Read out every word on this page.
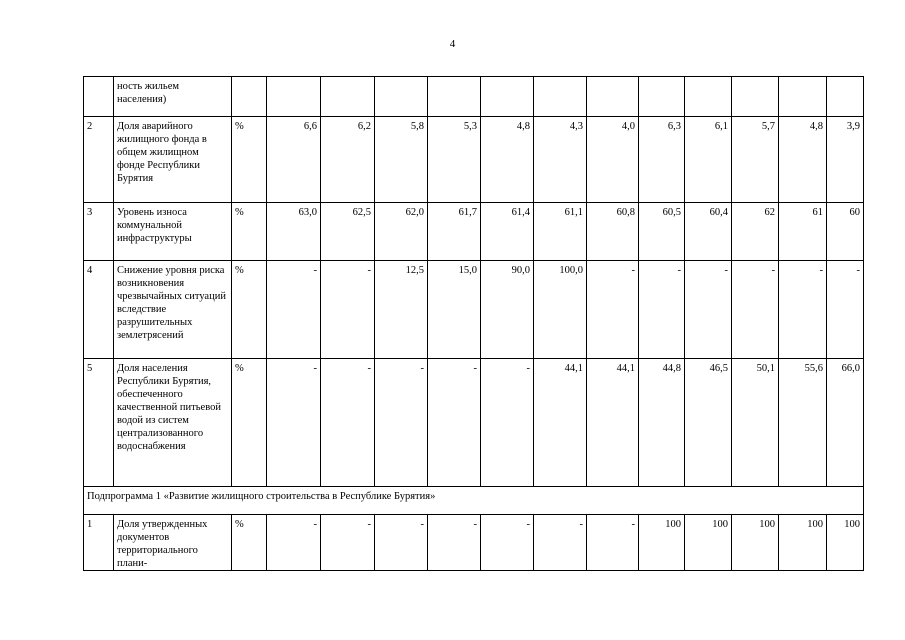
4
	ность жильем населения)													
2	Доля аварийного жилищного фонда в общем жилищном фонде Республики Бурятия	%	6,6	6,2	5,8	5,3	4,8	4,3	4,0	6,3	6,1	5,7	4,8	3,9
3	Уровень износа коммунальной инфраструктуры	%	63,0	62,5	62,0	61,7	61,4	61,1	60,8	60,5	60,4	62	61	60
4	Снижение уровня риска возникновения чрезвычайных ситуаций вследствие разрушительных землетрясений	%	-	-	12,5	15,0	90,0	100,0	-	-	-	-	-	-
5	Доля населения Республики Бурятия, обеспеченного качественной питьевой водой из систем централизованного водоснабжения	%	-	-	-	-	-	44,1	44,1	44,8	46,5	50,1	55,6	66,0
Подпрограмма 1 «Развитие жилищного строительства в Республике Бурятия»														
1	Доля утвержденных документов территориального плани-	%	-	-	-	-	-	-	-	100	100	100	100	100
